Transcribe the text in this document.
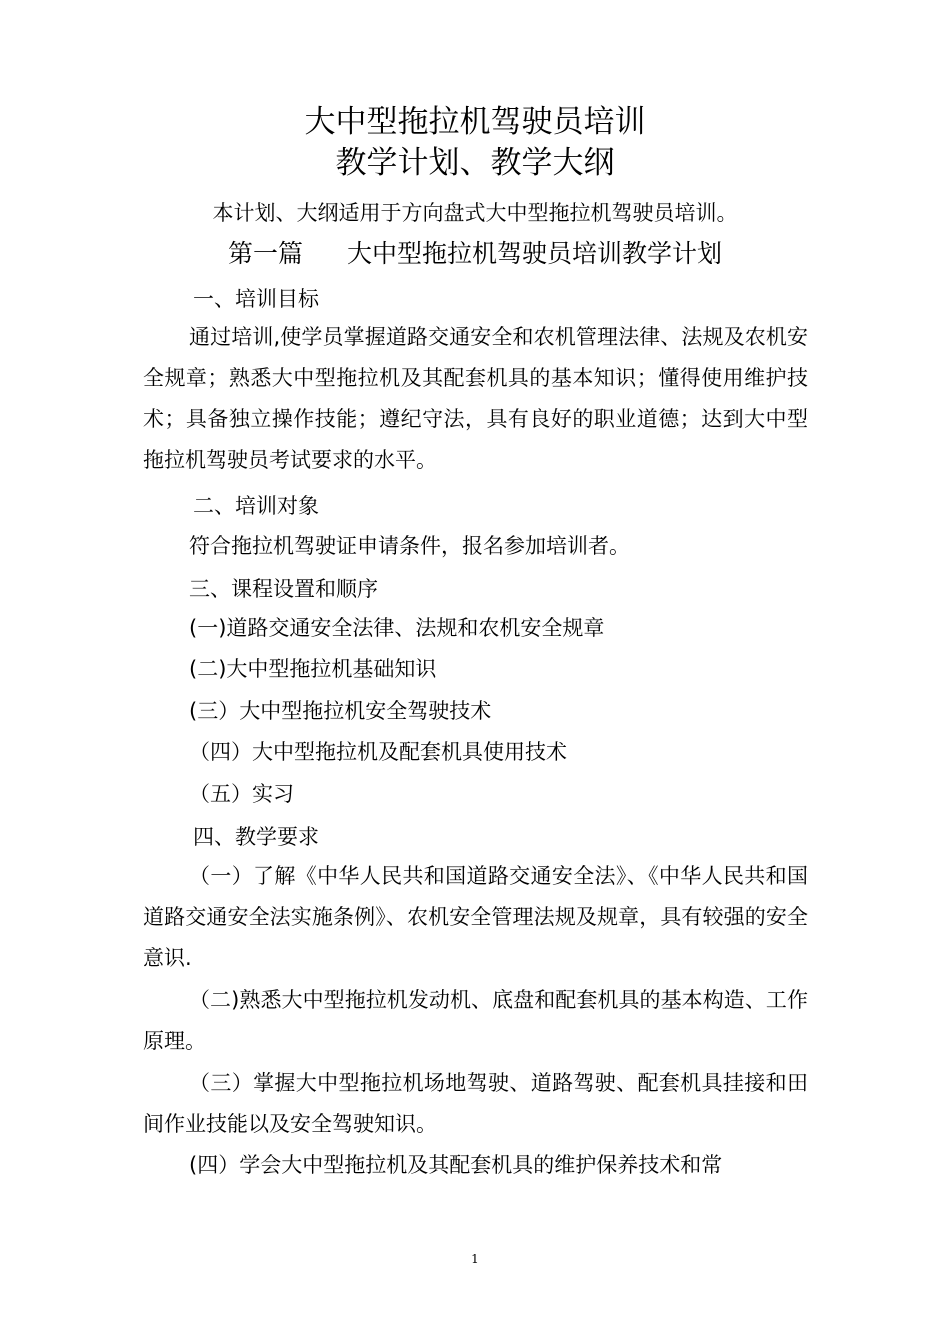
大中型拖拉机驾驶员培训
教学计划、教学大纲
本计划、大纲适用于方向盘式大中型拖拉机驾驶员培训。
第一篇 大中型拖拉机驾驶员培训教学计划
一、培训目标
通过培训,使学员掌握道路交通安全和农机管理法律、法规及农机安全规章；熟悉大中型拖拉机及其配套机具的基本知识；懂得使用维护技术；具备独立操作技能；遵纪守法，具有良好的职业道德；达到大中型拖拉机驾驶员考试要求的水平。
二、培训对象
符合拖拉机驾驶证申请条件，报名参加培训者。
三、课程设置和顺序
(一)道路交通安全法律、法规和农机安全规章
(二)大中型拖拉机基础知识
(三）大中型拖拉机安全驾驶技术
（四）大中型拖拉机及配套机具使用技术
（五）实习
四、教学要求
（一）了解《中华人民共和国道路交通安全法》、《中华人民共和国道路交通安全法实施条例》、农机安全管理法规及规章，具有较强的安全意识.
（二)熟悉大中型拖拉机发动机、底盘和配套机具的基本构造、工作原理。
（三）掌握大中型拖拉机场地驾驶、道路驾驶、配套机具挂接和田间作业技能以及安全驾驶知识。
(四）学会大中型拖拉机及其配套机具的维护保养技术和常
1
